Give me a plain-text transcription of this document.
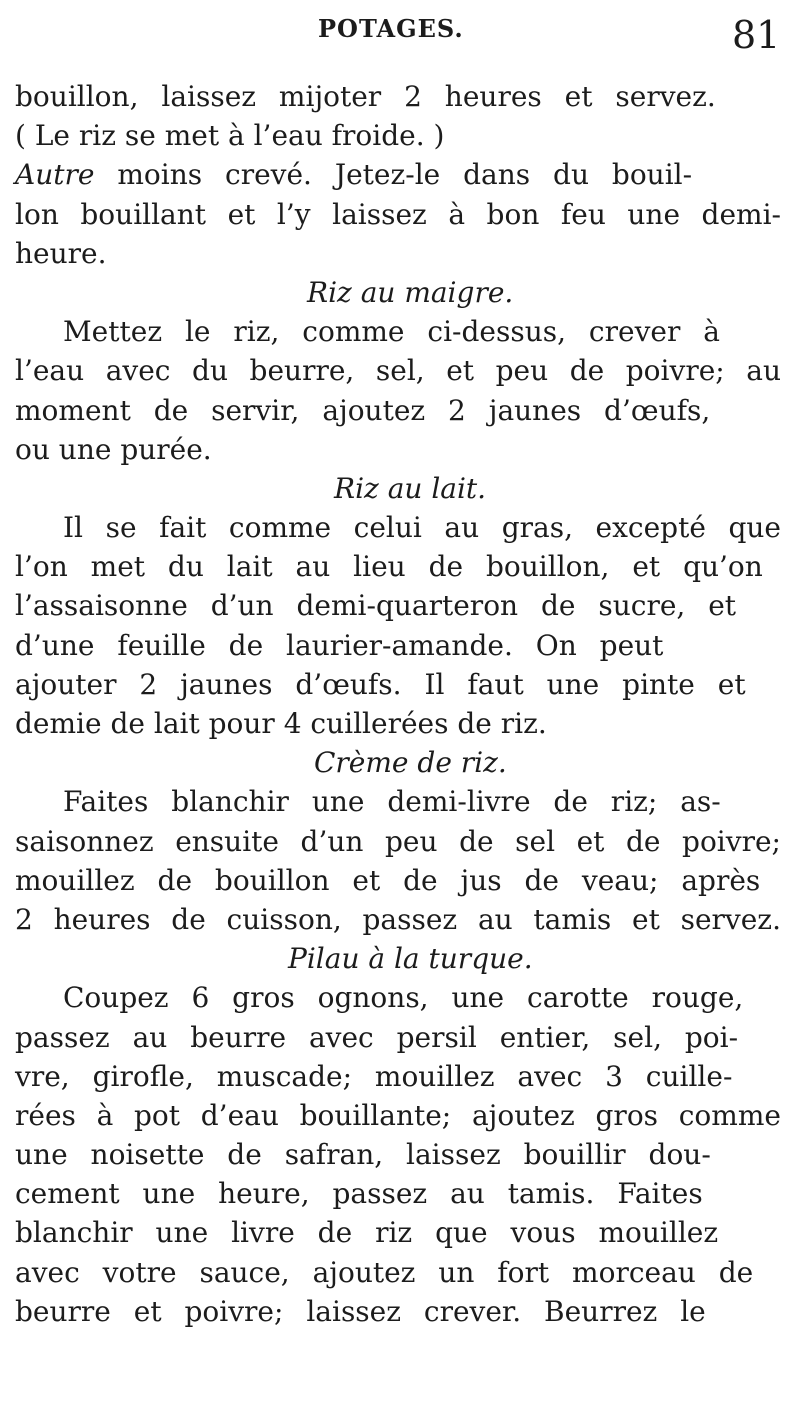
POTAGES.	81
bouillon, laissez mijoter 2 heures et servez.
( Le riz se met à l’eau froide. )
Autre moins crevé. Jetez-le dans du bouil-
lon bouillant et l’y laissez à bon feu une demi-
heure.
Riz au maigre.
Mettez le riz, comme ci-dessus, crever à
l’eau avec du beurre, sel, et peu de poivre; au
moment de servir, ajoutez 2 jaunes d’œufs,
ou une purée.
Riz au lait.
Il se fait comme celui au gras, excepté que
l’on met du lait au lieu de bouillon, et qu’on
l’assaisonne d’un demi-quarteron de sucre, et
d’une feuille de laurier-amande. On peut
ajouter 2 jaunes d’œufs. Il faut une pinte et
demie de lait pour 4 cuillerées de riz.
Crème de riz.
Faites blanchir une demi-livre de riz; as-
saisonnez ensuite d’un peu de sel et de poivre;
mouillez de bouillon et de jus de veau; après
2 heures de cuisson, passez au tamis et servez.
Pilau à la turque.
Coupez 6 gros ognons, une carotte rouge,
passez au beurre avec persil entier, sel, poi-
vre, girofle, muscade; mouillez avec 3 cuille-
rées à pot d’eau bouillante; ajoutez gros comme
une noisette de safran, laissez bouillir dou-
cement une heure, passez au tamis. Faites
blanchir une livre de riz que vous mouillez
avec votre sauce, ajoutez un fort morceau de
beurre et poivre; laissez crever. Beurrez le
